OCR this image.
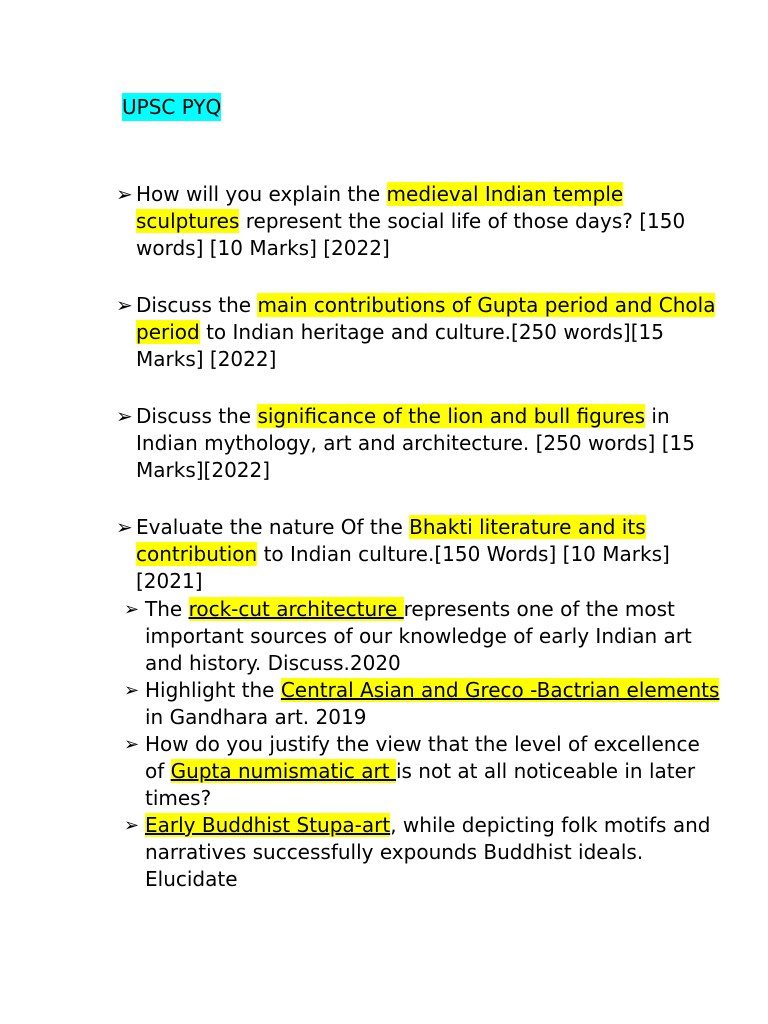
UPSC PYQ
➢ How will you explain the medieval Indian temple sculptures represent the social life of those days? [150 words] [10 Marks] [2022]
➢ Discuss the main contributions of Gupta period and Chola period to Indian heritage and culture.[250 words][15 Marks] [2022]
➢ Discuss the significance of the lion and bull figures in Indian mythology, art and architecture. [250 words] [15 Marks][2022]
➢ Evaluate the nature Of the Bhakti literature and its contribution to Indian culture.[150 Words] [10 Marks] [2021]
➢ The rock-cut architecture represents one of the most important sources of our knowledge of early Indian art and history. Discuss.2020
➢ Highlight the Central Asian and Greco -Bactrian elements in Gandhara art. 2019
➢ How do you justify the view that the level of excellence of Gupta numismatic art is not at all noticeable in later times?
➢ Early Buddhist Stupa-art, while depicting folk motifs and narratives successfully expounds Buddhist ideals. Elucidate
